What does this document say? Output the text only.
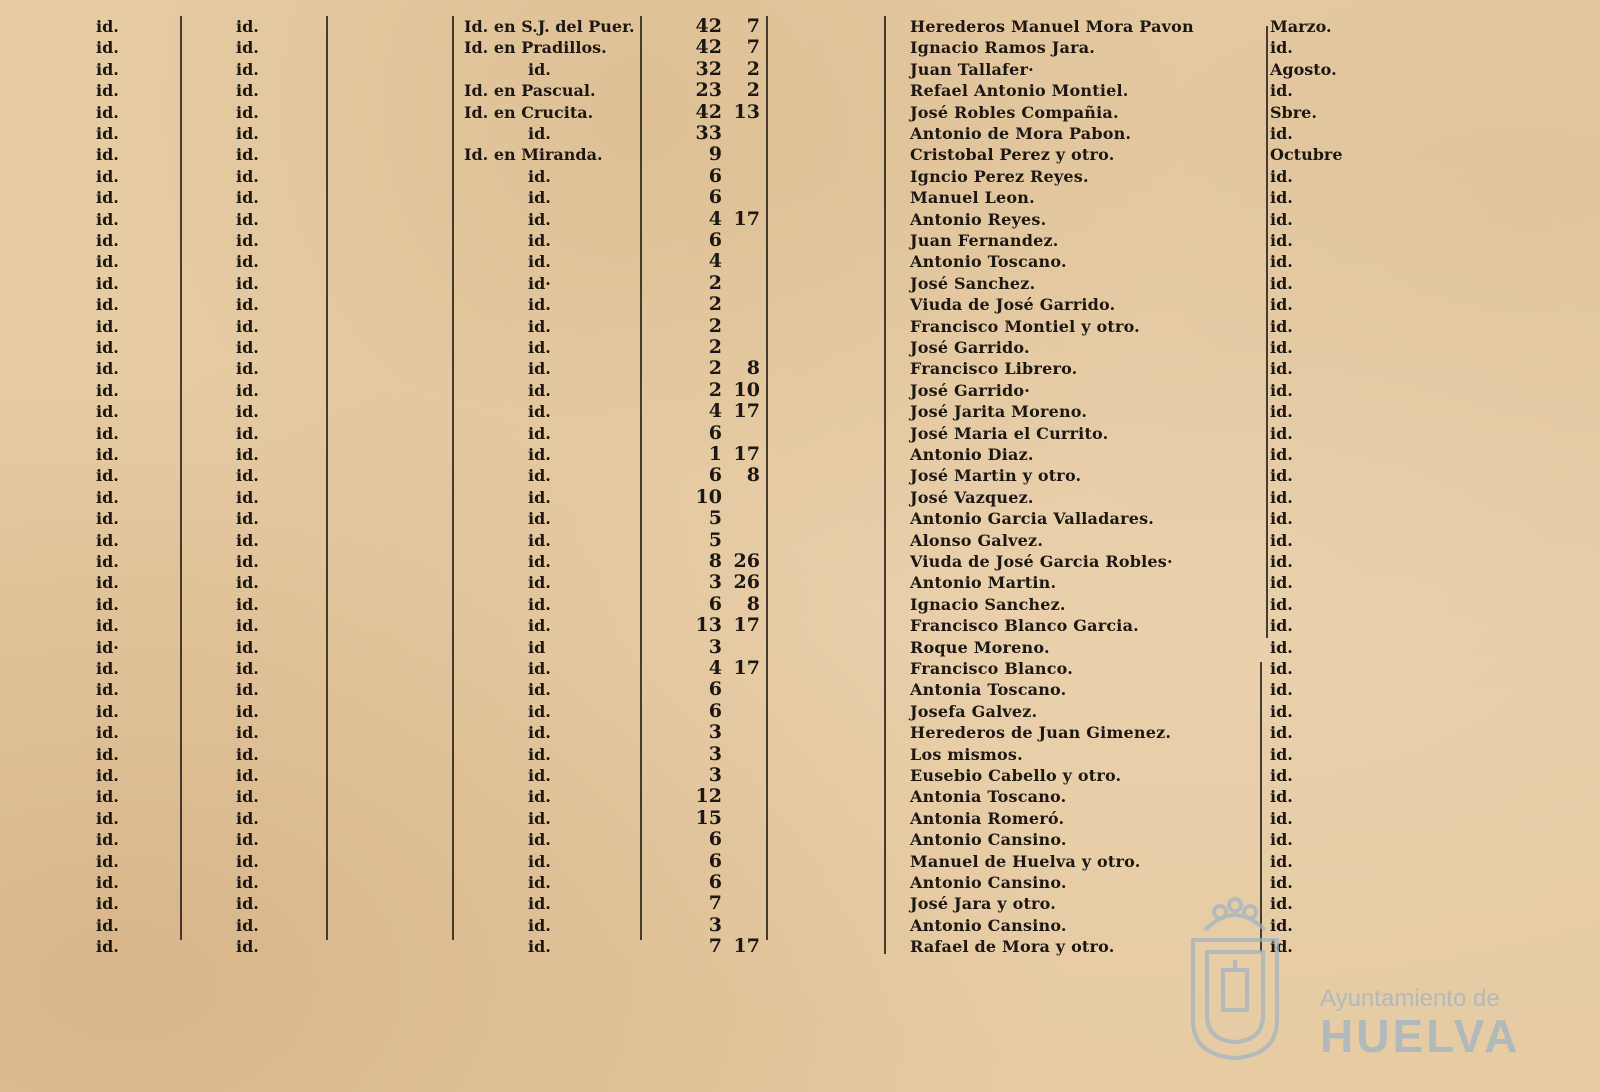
id.	id.	Id. en S.J. del Puer.	42	7	Herederos Manuel Mora Pavon	Marzo.
id.	id.	Id. en Pradillos.	42	7	Ignacio Ramos Jara.	id.
id.	id.	id.	32	2	Juan Tallafer·	Agosto.
id.	id.	Id. en Pascual.	23	2	Refael Antonio Montiel.	id.
id.	id.	Id. en Crucita.	42 13	José Robles Compañia.	Sbre.
id.	id.	id.	33	Antonio de Mora Pabon.	id.
id.	id.	Id. en Miranda.	9	Cristobal Perez y otro.	Octubre
id.	id.	id.	6	Igncio Perez Reyes.	id.
id.	id.	id.	6	Manuel Leon.	id.
id.	id.	id.	4 17	Antonio Reyes.	id.
id.	id.	id.	6	Juan Fernandez.	id.
id.	id.	id.	4	Antonio Toscano.	id.
id.	id.	id·	2	José Sanchez.	id.
id.	id.	id.	2	Viuda de José Garrido.	id.
id.	id.	id.	2	Francisco Montiel y otro.	id.
id.	id.	id.	2	José Garrido.	id.
id.	id.	id.	2	8	Francisco Librero.	id.
id.	id.	id.	2 10	José Garrido·	id.
id.	id.	id.	4 17	José Jarita Moreno.	id.
id.	id.	id.	6	José Maria el Currito.	id.
id.	id.	id.	1 17	Antonio Diaz.	id.
id.	id.	id.	6	8	José Martin y otro.	id.
id.	id.	id.	10	José Vazquez.	id.
id.	id.	id.	5	Antonio Garcia Valladares.	id.
id.	id.	id.	5	Alonso Galvez.	id.
id.	id.	id.	8 26	Viuda de José Garcia Robles·	id.
id.	id.	id.	3 26	Antonio Martin.	id.
id.	id.	id.	6	8	Ignacio Sanchez.	id.
id.	id.	id.	13 17	Francisco Blanco Garcia.	id.
id·	id.	id	3	Roque Moreno.	id.
id.	id.	id.	4 17	Francisco Blanco.	id.
id.	id.	id.	6	Antonia Toscano.	id.
id.	id.	id.	6	Josefa Galvez.	id.
id.	id.	id.	3	Herederos de Juan Gimenez.	id.
id.	id.	id.	3	Los mismos.	id.
id.	id.	id.	3	Eusebio Cabello y otro.	id.
id.	id.	id.	12	Antonia Toscano.	id.
id.	id.	id.	15	Antonia Romeró.	id.
id.	id.	id.	6	Antonio Cansino.	id.
id.	id.	id.	6	Manuel de Huelva y otro.	id.
id.	id.	id.	6	Antonio Cansino.	id.
id.	id.	id.	7	José Jara y otro.	id.
id.	id.	id.	3	Antonio Cansino.	id.
id.	id.	id.	7 17	Rafael de Mora y otro.	id.
Ayuntamiento de
HUELVA
